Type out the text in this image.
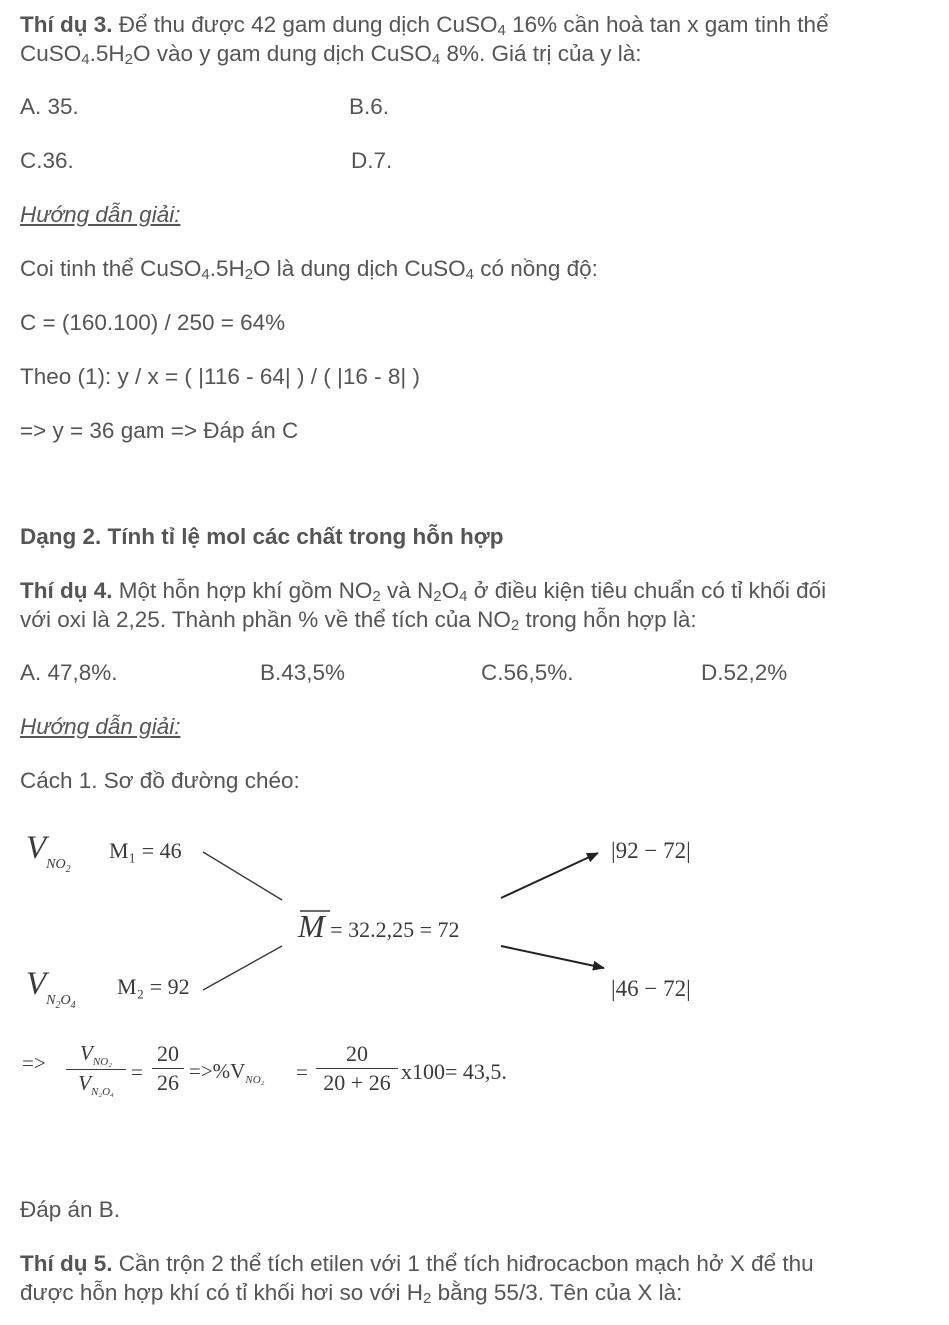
Thí dụ 3. Để thu được 42 gam dung dịch CuSO$_4$ 16% cần hoà tan x gam tinh thể
$CuSO_4.5H_2O$ vào y gam dung dịch CuSO$_4$ 8%. Giá trị của y là:
A. 35.	B.6.
C.36.	D.7.
Hướng dẫn giải:
Coi tinh thể $CuSO_4.5H_2O$ là dung dịch CuSO$_4$ có nồng độ:
C = (160.100) / 250 = 64%
Theo (1): y / x = ( |116 - 64| ) / ( |16 - 8| )
=> y = 36 gam => Đáp án C
Dạng 2. Tính tỉ lệ mol các chất trong hỗn hợp
Thí dụ 4. Một hỗn hợp khí gồm $NO_2$ và $N_2O_4$ ở điều kiện tiêu chuẩn có tỉ khối đối
với oxi là 2,25. Thành phần % về thể tích của $NO_2$ trong hỗn hợp là:
A. 47,8%.	B.43,5%	C.56,5%.	D.52,2%
Hướng dẫn giải:
Cách 1. Sơ đồ đường chéo:
$V_{NO2}$
M₁ = 46
$V_{N2O4}$
M₂ = 92
M = 32.2,25 = 72
|92 − 72|
|46 − 72|
=>	$V_{NO_2}$
$V_{N_2O_4}$
=
20
$26 =>\%V_{NO_2}$ =
20
20 + 26 x100= 43,5.
Đáp án B.
Thí dụ 5. Cần trộn 2 thể tích etilen với 1 thể tích hiđrocacbon mạch hở X để thu
được hỗn hợp khí có tỉ khối hơi so với $H_2$ bằng 55/3. Tên của X là:
